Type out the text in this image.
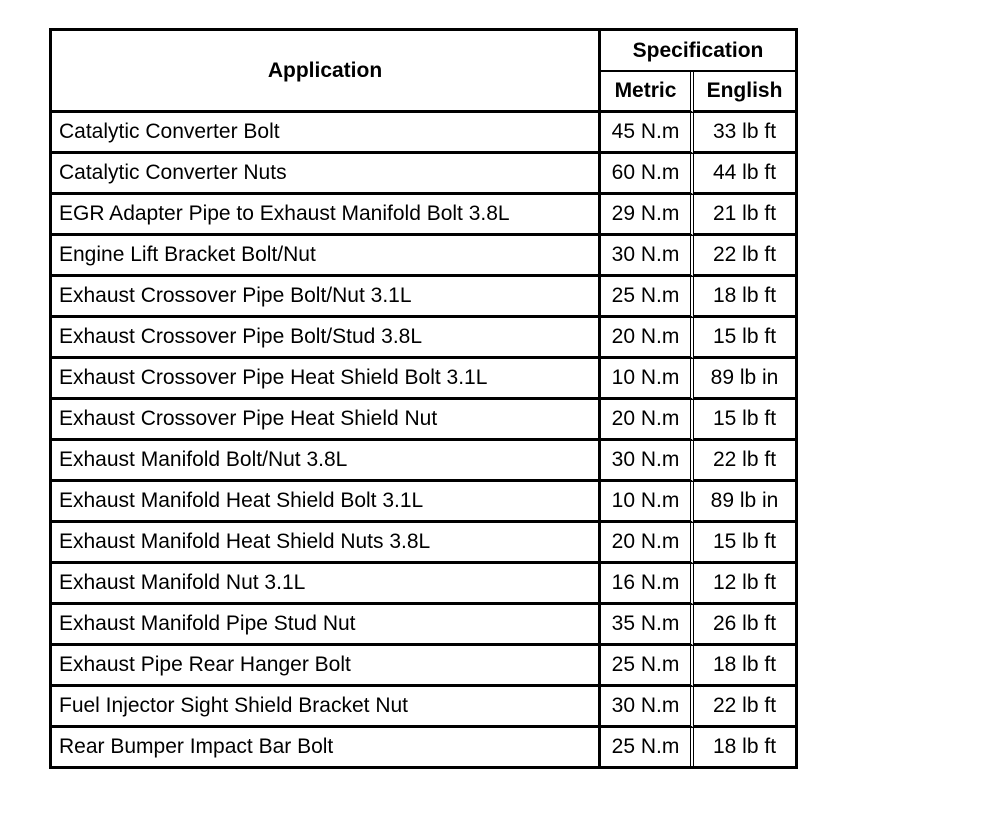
Application	Specification	
	Metric	English
Catalytic Converter Bolt	45 N.m	33 lb ft
Catalytic Converter Nuts	60 N.m	44 lb ft
EGR Adapter Pipe to Exhaust Manifold Bolt 3.8L	29 N.m	21 lb ft
Engine Lift Bracket Bolt/Nut	30 N.m	22 lb ft
Exhaust Crossover Pipe Bolt/Nut 3.1L	25 N.m	18 lb ft
Exhaust Crossover Pipe Bolt/Stud 3.8L	20 N.m	15 lb ft
Exhaust Crossover Pipe Heat Shield Bolt 3.1L	10 N.m	89 lb in
Exhaust Crossover Pipe Heat Shield Nut	20 N.m	15 lb ft
Exhaust Manifold Bolt/Nut 3.8L	30 N.m	22 lb ft
Exhaust Manifold Heat Shield Bolt 3.1L	10 N.m	89 lb in
Exhaust Manifold Heat Shield Nuts 3.8L	20 N.m	15 lb ft
Exhaust Manifold Nut 3.1L	16 N.m	12 lb ft
Exhaust Manifold Pipe Stud Nut	35 N.m	26 lb ft
Exhaust Pipe Rear Hanger Bolt	25 N.m	18 lb ft
Fuel Injector Sight Shield Bracket Nut	30 N.m	22 lb ft
Rear Bumper Impact Bar Bolt	25 N.m	18 lb ft
